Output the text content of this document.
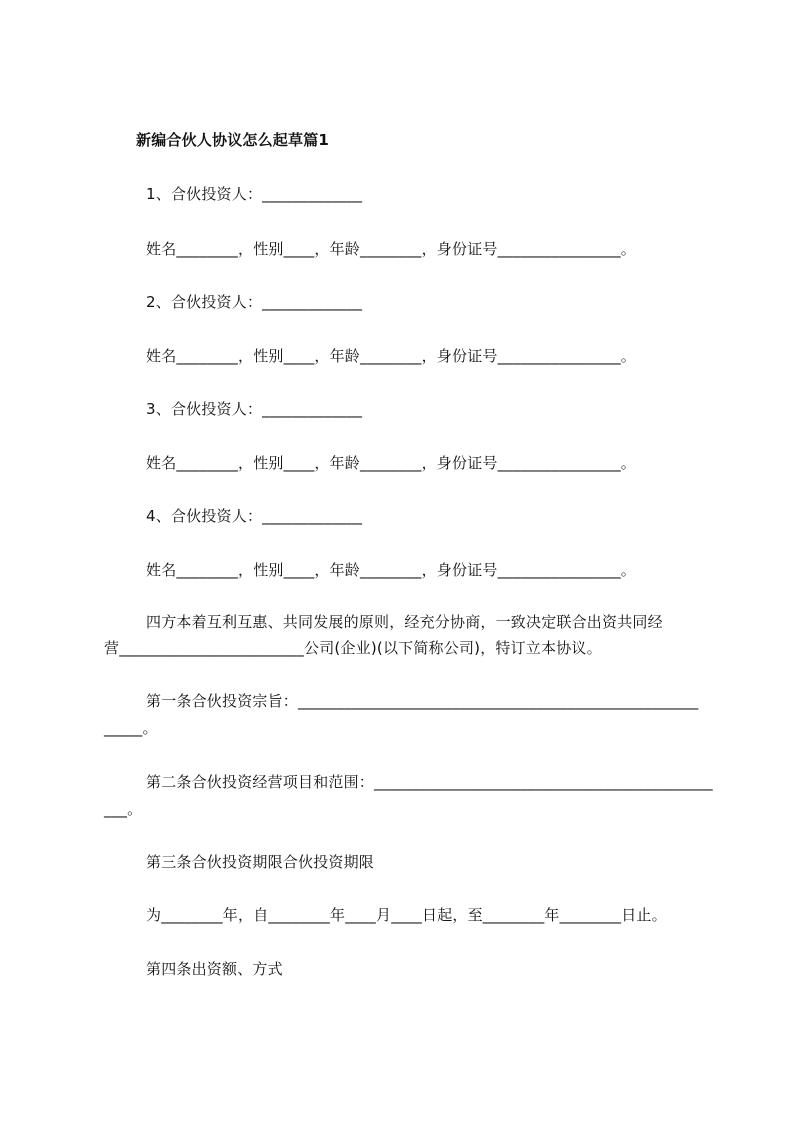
新编合伙人协议怎么起草篇1
1、合伙投资人：_____________
姓名________，性别____，年龄________，身份证号________________。
2、合伙投资人：_____________
姓名________，性别____，年龄________，身份证号________________。
3、合伙投资人：_____________
姓名________，性别____，年龄________，身份证号________________。
4、合伙投资人：_____________
姓名________，性别____，年龄________，身份证号________________。
四方本着互利互惠、共同发展的原则，经充分协商，一致决定联合出资共同经
营________________________公司(企业)(以下简称公司)，特订立本协议。
第一条合伙投资宗旨：____________________________________________________
_____。
第二条合伙投资经营项目和范围：____________________________________________
___。
第三条合伙投资期限合伙投资期限
为________年，自________年____月____日起，至________年________日止。
第四条出资额、方式
